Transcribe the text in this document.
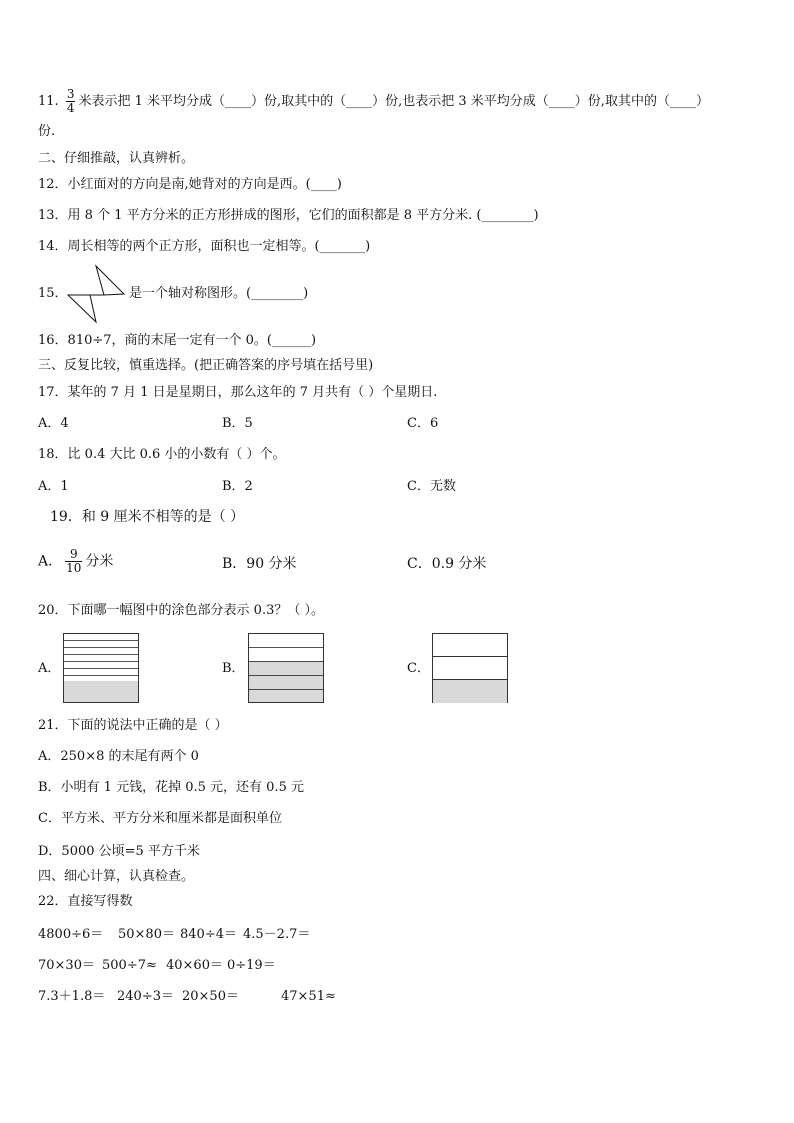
11. $\frac{3}{4}$ 米表示把 1 米平均分成（____）份,取其中的（____）份,也表示把 3 米平均分成（____）份,取其中的（____）
份.
二、仔细推敲，认真辨析。
12．小红面对的方向是南,她背对的方向是西。(____)
13．用 8 个 1 平方分米的正方形拼成的图形，它们的面积都是 8 平方分米. (________)
14．周长相等的两个正方形，面积也一定相等。(_______)
15．	是一个轴对称图形。(________)
16．810÷7，商的末尾一定有一个 0。(______)
三、反复比较，慎重选择。(把正确答案的序号填在括号里)
17．某年的 7 月 1 日是星期日，那么这年的 7 月共有（ ）个星期日.
A．4	B．5	C．6
18．比 0.4 大比 0.6 小的小数有（ ）个。
A．1	B．2	C．无数
19．和 9 厘米不相等的是（ ）
A． $\frac{9}{10}$ 分米	B．90 分米	C．0.9 分米
20．下面哪一幅图中的涂色部分表示 0.3？（ ）。
A．	B．	C．
21．下面的说法中正确的是（ ）
A．250×8 的末尾有两个 0
B．小明有 1 元钱，花掉 0.5 元，还有 0.5 元
C．平方米、平方分米和厘米都是面积单位
D．5000 公顷=5 平方千米
四、细心计算，认真检查。
22．直接写得数
4800÷6＝ 50×80＝ 840÷4＝ 4.5－2.7＝
70×30＝ 500÷7≈ 40×60＝ 0÷19＝
7.3＋1.8＝ 240÷3＝ 20×50＝	47×51≈
